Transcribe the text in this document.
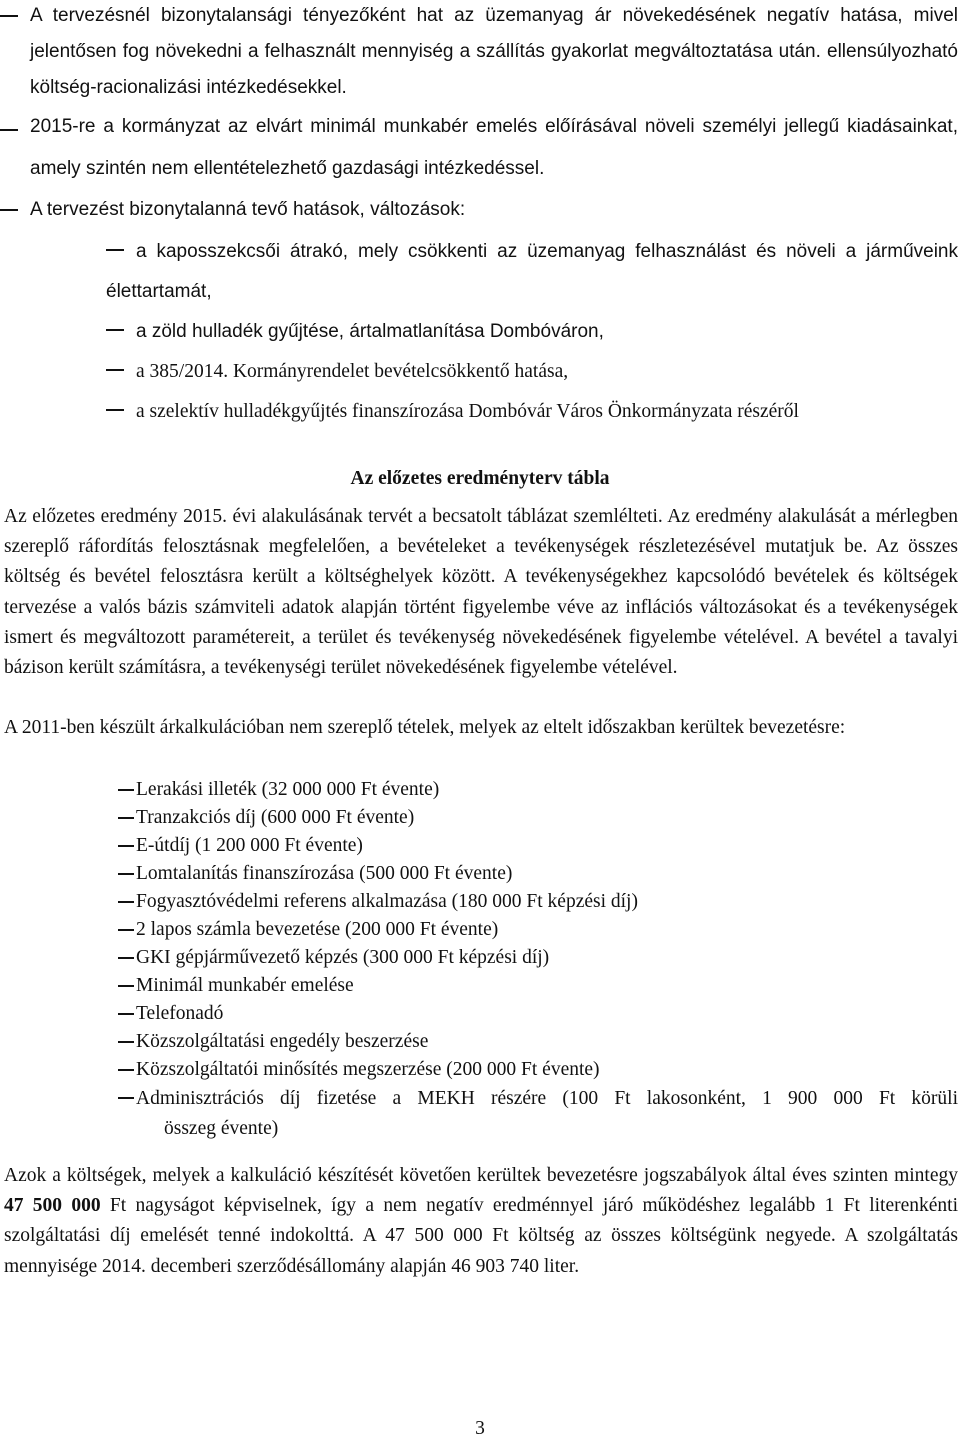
A tervezésnél bizonytalansági tényezőként hat az üzemanyag ár növekedésének negatív hatása, mivel jelentősen fog növekedni a felhasznált mennyiség a szállítás gyakorlat megváltoztatása után. ellensúlyozható költség-racionalizási intézkedésekkel.
2015-re a kormányzat az elvárt minimál munkabér emelés előírásával növeli személyi jellegű kiadásainkat, amely szintén nem ellentételezhető gazdasági intézkedéssel.
A tervezést bizonytalanná tevő hatások, változások:
a kaposszekcsői átrakó, mely csökkenti az üzemanyag felhasználást és növeli a járműveink élettartamát,
a zöld hulladék gyűjtése, ártalmatlanítása Dombóváron,
a 385/2014. Kormányrendelet bevételcsökkentő hatása,
a szelektív hulladékgyűjtés finanszírozása Dombóvár Város Önkormányzata részéről
Az előzetes eredményterv tábla
Az előzetes eredmény 2015. évi alakulásának tervét a becsatolt táblázat szemlélteti. Az eredmény alakulását a mérlegben szereplő ráfordítás felosztásnak megfelelően, a bevételeket a tevékenységek részletezésével mutatjuk be. Az összes költség és bevétel felosztásra került a költséghelyek között. A tevékenységekhez kapcsolódó bevételek és költségek tervezése a valós bázis számviteli adatok alapján történt figyelembe véve az inflációs változásokat és a tevékenységek ismert és megváltozott paramétereit, a terület és tevékenység növekedésének figyelembe vételével. A bevétel a tavalyi bázison került számításra, a tevékenységi terület növekedésének figyelembe vételével.
A 2011-ben készült árkalkulációban nem szereplő tételek, melyek az eltelt időszakban kerültek bevezetésre:
Lerakási illeték (32 000 000 Ft évente)
Tranzakciós díj (600 000 Ft évente)
E-útdíj (1 200 000 Ft évente)
Lomtalanítás finanszírozása (500 000 Ft évente)
Fogyasztóvédelmi referens alkalmazása (180 000 Ft képzési díj)
2 lapos számla bevezetése (200 000 Ft évente)
GKI gépjárművezető képzés (300 000 Ft képzési díj)
Minimál munkabér emelése
Telefonadó
Közszolgáltatási engedély beszerzése
Közszolgáltatói minősítés megszerzése (200 000 Ft évente)
Adminisztrációs díj fizetése a MEKH részére (100 Ft lakosonként, 1 900 000 Ft körüli
összeg évente)
Azok a költségek, melyek a kalkuláció készítését követően kerültek bevezetésre jogszabályok által éves szinten mintegy 47 500 000 Ft nagyságot képviselnek, így a nem negatív eredménnyel járó működéshez legalább 1 Ft literenkénti szolgáltatási díj emelését tenné indokolttá. A 47 500 000 Ft költség az összes költségünk negyede. A szolgáltatás mennyisége 2014. decemberi szerződésállomány alapján 46 903 740 liter.
3
